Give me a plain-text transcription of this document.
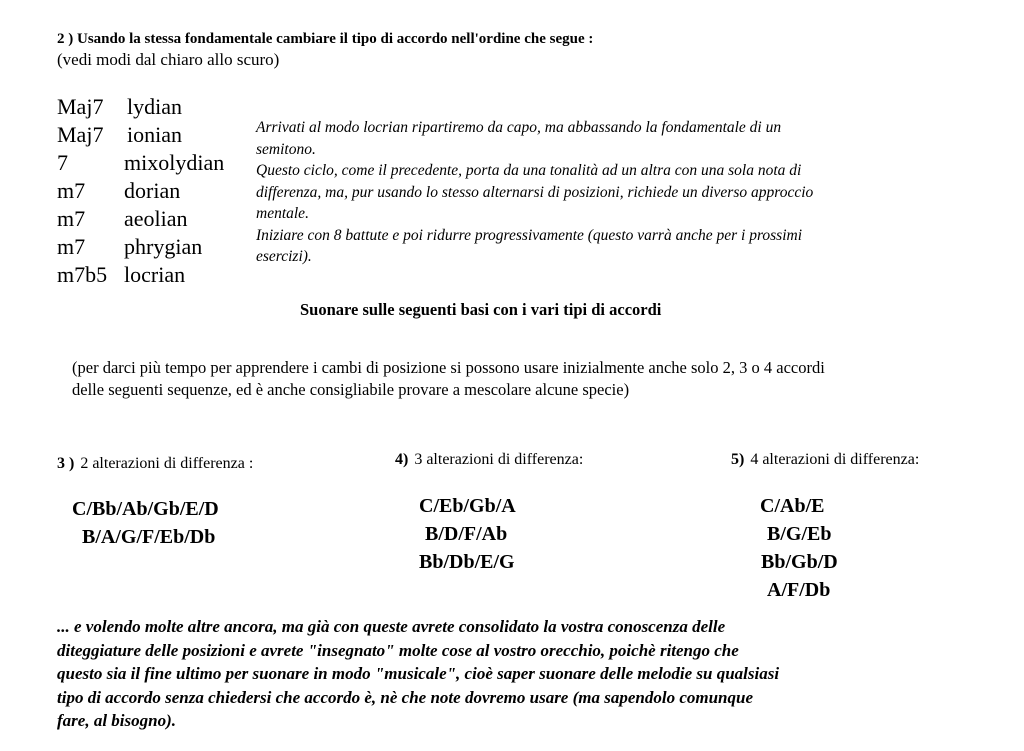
2 ) Usando la stessa fondamentale cambiare il tipo di accordo nell'ordine che segue :
(vedi modi dal chiaro allo scuro)
Maj7 lydian
Maj7 ionian
7	mixolydian
m7 dorian
m7 aeolian
m7 phrygian
m7b5 locrian

Arrivati al modo locrian ripartiremo da capo, ma abbassando la fondamentale di un

semitono.

Questo ciclo, come il precedente, porta da una tonalità ad un altra con una sola nota di

differenza, ma, pur usando lo stesso alternarsi di posizioni, richiede un diverso approccio

mentale.

Iniziare con 8 battute e poi ridurre progressivamente (questo varrà anche per i prossimi

esercizi).

Suonare sulle seguenti basi con i vari tipi di accordi
(per darci più tempo per apprendere i cambi di posizione si possono usare inizialmente anche solo 2, 3 o 4 accordi
delle seguenti sequenze, ed è anche consigliabile provare a mescolare alcune specie)
3 ) 2 alterazioni di differenza :
C/Bb/Ab/Gb/E/D
B/A/G/F/Eb/Db
4) 3 alterazioni di differenza:
C/Eb/Gb/A
B/D/F/Ab
Bb/Db/E/G
5) 4 alterazioni di differenza:
C/Ab/E
B/G/Eb
Bb/Gb/D
A/F/Db

... e volendo molte altre ancora, ma già con queste avrete consolidato la vostra conoscenza delle

diteggiature delle posizioni e avrete "insegnato" molte cose al vostro orecchio, poichè ritengo che

questo sia il fine ultimo per suonare in modo "musicale", cioè saper suonare delle melodie su qualsiasi

tipo di accordo senza chiedersi che accordo è, nè che note dovremo usare (ma sapendolo comunque

fare, al bisogno).
